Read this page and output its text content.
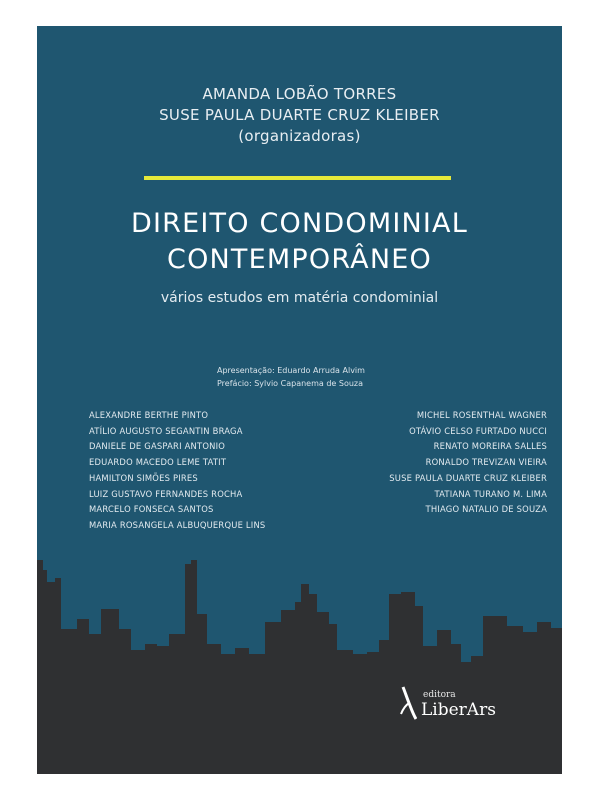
AMANDA LOBÃO TORRES
SUSE PAULA DUARTE CRUZ KLEIBER
(organizadoras)
DIREITO CONDOMINIAL
CONTEMPORÂNEO
vários estudos em matéria condominial
Apresentação: Eduardo Arruda Alvim
Prefácio: Sylvio Capanema de Souza
ALEXANDRE BERTHE PINTO
ATÍLIO AUGUSTO SEGANTIN BRAGA
DANIELE DE GASPARI ANTONIO
EDUARDO MACEDO LEME TATIT
HAMILTON SIMÕES PIRES
LUIZ GUSTAVO FERNANDES ROCHA
MARCELO FONSECA SANTOS
MARIA ROSANGELA ALBUQUERQUE LINS
MICHEL ROSENTHAL WAGNER
OTÁVIO CELSO FURTADO NUCCI
RENATO MOREIRA SALLES
RONALDO TREVIZAN VIEIRA
SUSE PAULA DUARTE CRUZ KLEIBER
TATIANA TURANO M. LIMA
THIAGO NATALIO DE SOUZA
editora
LiberArs
